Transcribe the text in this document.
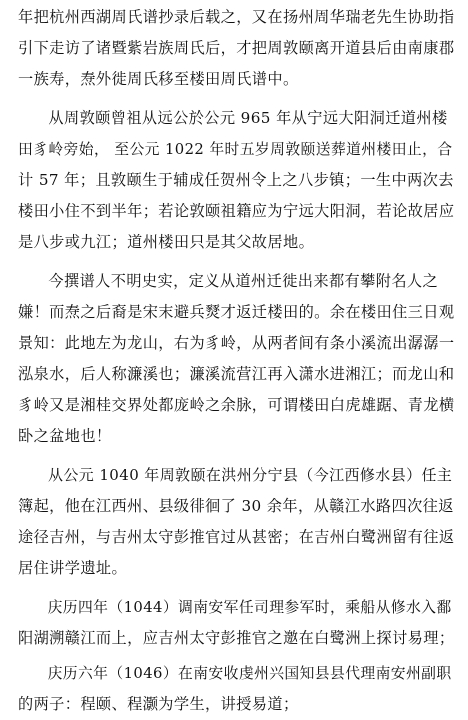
年把杭州西湖周氏谱抄录后载之，又在扬州周华瑞老先生协助指
引下走访了诸暨紫岩族周氏后，才把周敦颐离开道县后由南康郡
一族寿，焘外徙周氏移至楼田周氏谱中。
从周敦颐曾祖从远公於公元 965 年从宁远大阳洞迁道州楼
田豸岭旁始， 至公元 1022 年时五岁周敦颐送葬道州楼田止，合
计 57 年；且敦颐生于辅成任贺州令上之八步镇；一生中两次去
楼田小住不到半年；若论敦颐祖籍应为宁远大阳洞，若论故居应
是八步或九江；道州楼田只是其父故居地。
今撰谱人不明史实，定义从道州迁徙出来都有攀附名人之
嫌！而焘之后裔是宋末避兵燹才返迁楼田的。余在楼田住三日观
景知：此地左为龙山，右为豸岭，从两者间有条小溪流出潺潺一
泓泉水，后人称濂溪也；濂溪流营江再入潇水进湘江；而龙山和
豸岭又是湘桂交界处都庞岭之余脉，可谓楼田白虎雄踞、青龙横
卧之盆地也！
从公元 1040 年周敦颐在洪州分宁县（今江西修水县）任主
簿起，他在江西州、县级徘徊了 30 余年，从赣江水路四次往返
途径吉州，与吉州太守彭推官过从甚密；在吉州白鹭洲留有往返
居住讲学遗址。
庆历四年（1044）调南安军任司理参军时，乘船从修水入鄱
阳湖溯赣江而上，应吉州太守彭推官之邀在白鹭洲上探讨易理；
庆历六年（1046）在南安收虔州兴国知县县代理南安州副职
的两子：程颐、程灏为学生，讲授易道；
